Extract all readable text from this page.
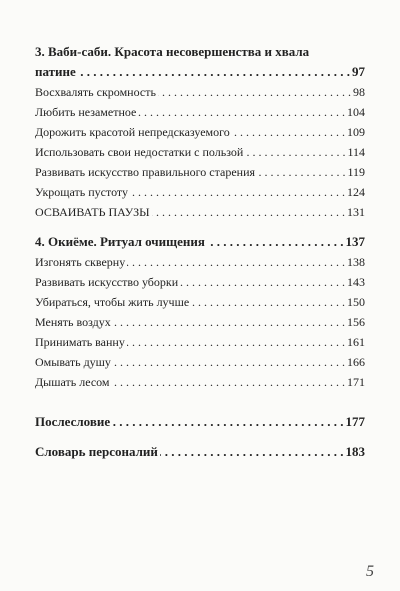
3. Ваби-саби. Красота несовершенства и хвала
патине . . .	97
Восхвалять скромность . . .	98
Любить незаметное . . .	104
Дорожить красотой непредсказуемого . . .	109
Использовать свои недостатки с пользой . . .	114
Развивать искусство правильного старения . . .	119
Укрощать пустоту . . .	124
ОСВАИВАТЬ ПАУЗЫ . . .	131
4. Окиёме. Ритуал очищения . . .	137
Изгонять скверну . . .	138
Развивать искусство уборки . . .	143
Убираться, чтобы жить лучше . . .	150
Менять воздух . . .	156
Принимать ванну . . .	161
Омывать душу . . .	166
Дышать лесом . . .	171
Послесловие . . .	177
Словарь персоналий . . .	183
5
